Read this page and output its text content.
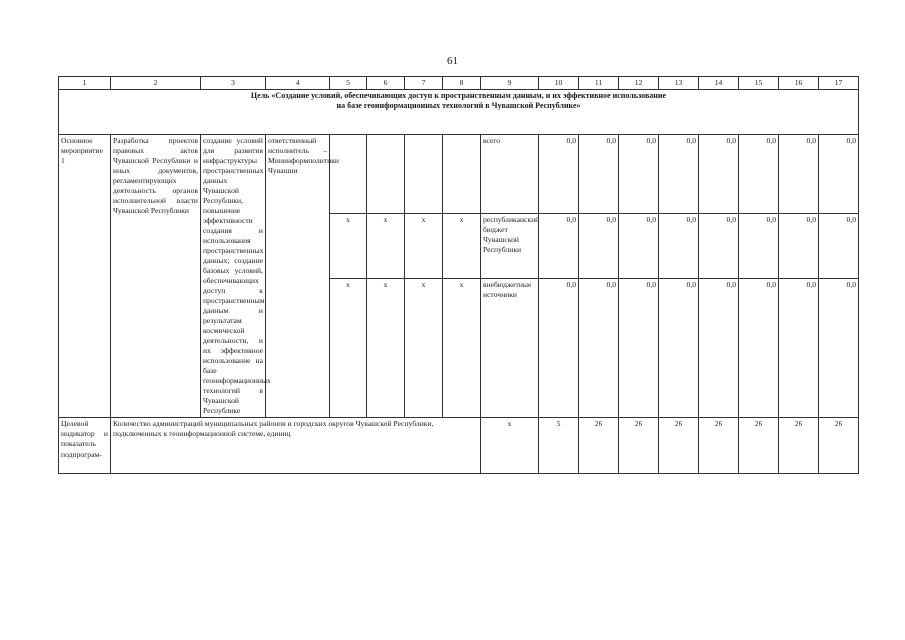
61
1	2	3	4	5	6	7	8	9	10	11	12	13	14	15	16	17
Цель «Создание условий, обеспечивающих доступ к пространственным данным, и их эффективное использование
на базе геоинформационных технологий в Чувашской Республике»																
Основное мероприятие 1	Разработка проектов правовых актов Чувашской Республики и иных документов, регламентирующих деятельность органов исполнительной власти Чувашской Республики	создание условий для развития инфраструктуры пространственных данных Чувашской Республики, повышение эффективности создания и использования пространственных данных; создание базовых условий, обеспечивающих доступ к пространственным данным и результатам космической деятельности, и их эффективное использование на базе геоинформационных технологий в Чувашской Республике	ответственный исполнитель – Мининформполитики Чувашии					всего	0,0	0,0	0,0	0,0	0,0	0,0	0,0	0,0
				х	х	х	х	республиканский бюджет Чувашской Республики	0,0	0,0	0,0	0,0	0,0	0,0	0,0	0,0
				х	х	х	х	внебюджетные источники	0,0	0,0	0,0	0,0	0,0	0,0	0,0	0,0
Целевой индикатор и показатель подпрограм-	Количество администраций муниципальных районов и городских округов Чувашской Республики, подключенных к геоинформационной системе, единиц							х	5	26	26	26	26	26	26	26
